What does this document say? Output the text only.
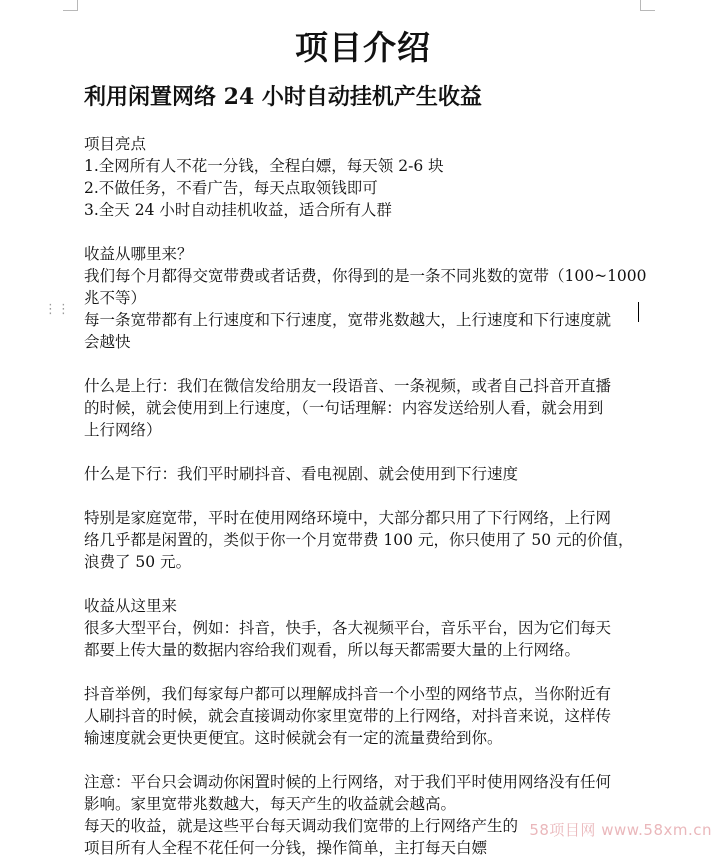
项目介绍
利用闲置网络 24 小时自动挂机产生收益
⋮⋮
项目亮点
1.全网所有人不花一分钱，全程白嫖，每天领 2-6 块
2.不做任务，不看广告，每天点取领钱即可
3.全天 24 小时自动挂机收益，适合所有人群
收益从哪里来？
我们每个月都得交宽带费或者话费，你得到的是一条不同兆数的宽带（100~1000
兆不等）
每一条宽带都有上行速度和下行速度，宽带兆数越大，上行速度和下行速度就
会越快
什么是上行：我们在微信发给朋友一段语音、一条视频，或者自己抖音开直播
的时候，就会使用到上行速度，（一句话理解：内容发送给别人看，就会用到
上行网络）
什么是下行：我们平时刷抖音、看电视剧、就会使用到下行速度
特别是家庭宽带，平时在使用网络环境中，大部分都只用了下行网络，上行网
络几乎都是闲置的，类似于你一个月宽带费 100 元，你只使用了 50 元的价值，
浪费了 50 元。
收益从这里来
很多大型平台，例如：抖音，快手，各大视频平台，音乐平台，因为它们每天
都要上传大量的数据内容给我们观看，所以每天都需要大量的上行网络。
抖音举例，我们每家每户都可以理解成抖音一个小型的网络节点，当你附近有
人刷抖音的时候，就会直接调动你家里宽带的上行网络，对抖音来说，这样传
输速度就会更快更便宜。这时候就会有一定的流量费给到你。
注意：平台只会调动你闲置时候的上行网络，对于我们平时使用网络没有任何
影响。家里宽带兆数越大，每天产生的收益就会越高。
每天的收益，就是这些平台每天调动我们宽带的上行网络产生的
项目所有人全程不花任何一分钱，操作简单，主打每天白嫖
58项目网 www.58xm.cn
